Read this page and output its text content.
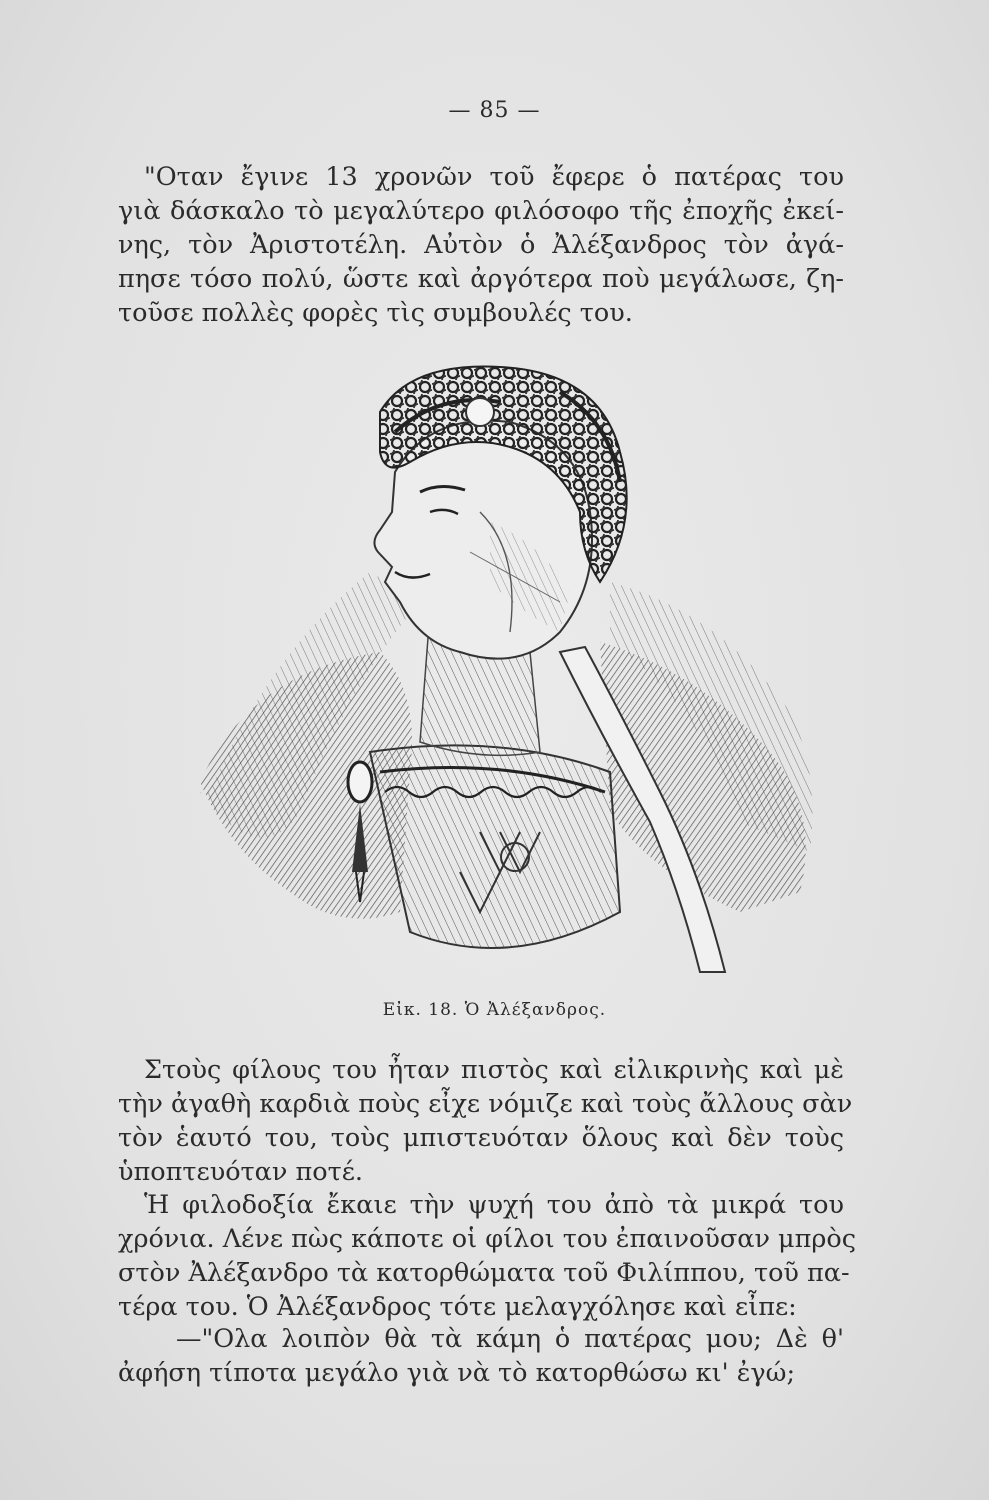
— 85 —
"Οταν ἔγινε 13 χρονῶν τοῦ ἔφερε ὁ πατέρας του
γιὰ δάσκαλο τὸ μεγαλύτερο φιλόσοφο τῆς ἐποχῆς ἐκεί-
νης, τὸν Ἀριστοτέλη. Αὐτὸν ὁ Ἀλέξανδρος τὸν ἀγά-
πησε τόσο πολύ, ὥστε καὶ ἀργότερα ποὺ μεγάλωσε, ζη-
τοῦσε πολλὲς φορὲς τὶς συμβουλές του.
Εἰκ. 18. Ὁ Ἀλέξανδρος.
Στοὺς φίλους του ἦταν πιστὸς καὶ εἰλικρινὴς καὶ μὲ
τὴν ἀγαθὴ καρδιὰ ποὺς εἶχε νόμιζε καὶ τοὺς ἄλλους σὰν
τὸν ἑαυτό του, τοὺς μπιστευόταν ὅλους καὶ δὲν τοὺς
ὑποπτευόταν ποτέ.
Ἡ φιλοδοξία ἔκαιε τὴν ψυχή του ἀπὸ τὰ μικρά του
χρόνια. Λένε πὼς κάποτε οἱ φίλοι του ἐπαινοῦσαν μπρὸς
στὸν Ἀλέξανδρο τὰ κατορθώματα τοῦ Φιλίππου, τοῦ πα-
τέρα του. Ὁ Ἀλέξανδρος τότε μελαγχόλησε καὶ εἶπε:
—"Ολα λοιπὸν θὰ τὰ κάμη ὁ πατέρας μου; Δὲ θ'
ἀφήση τίποτα μεγάλο γιὰ νὰ τὸ κατορθώσω κι' ἐγώ;
